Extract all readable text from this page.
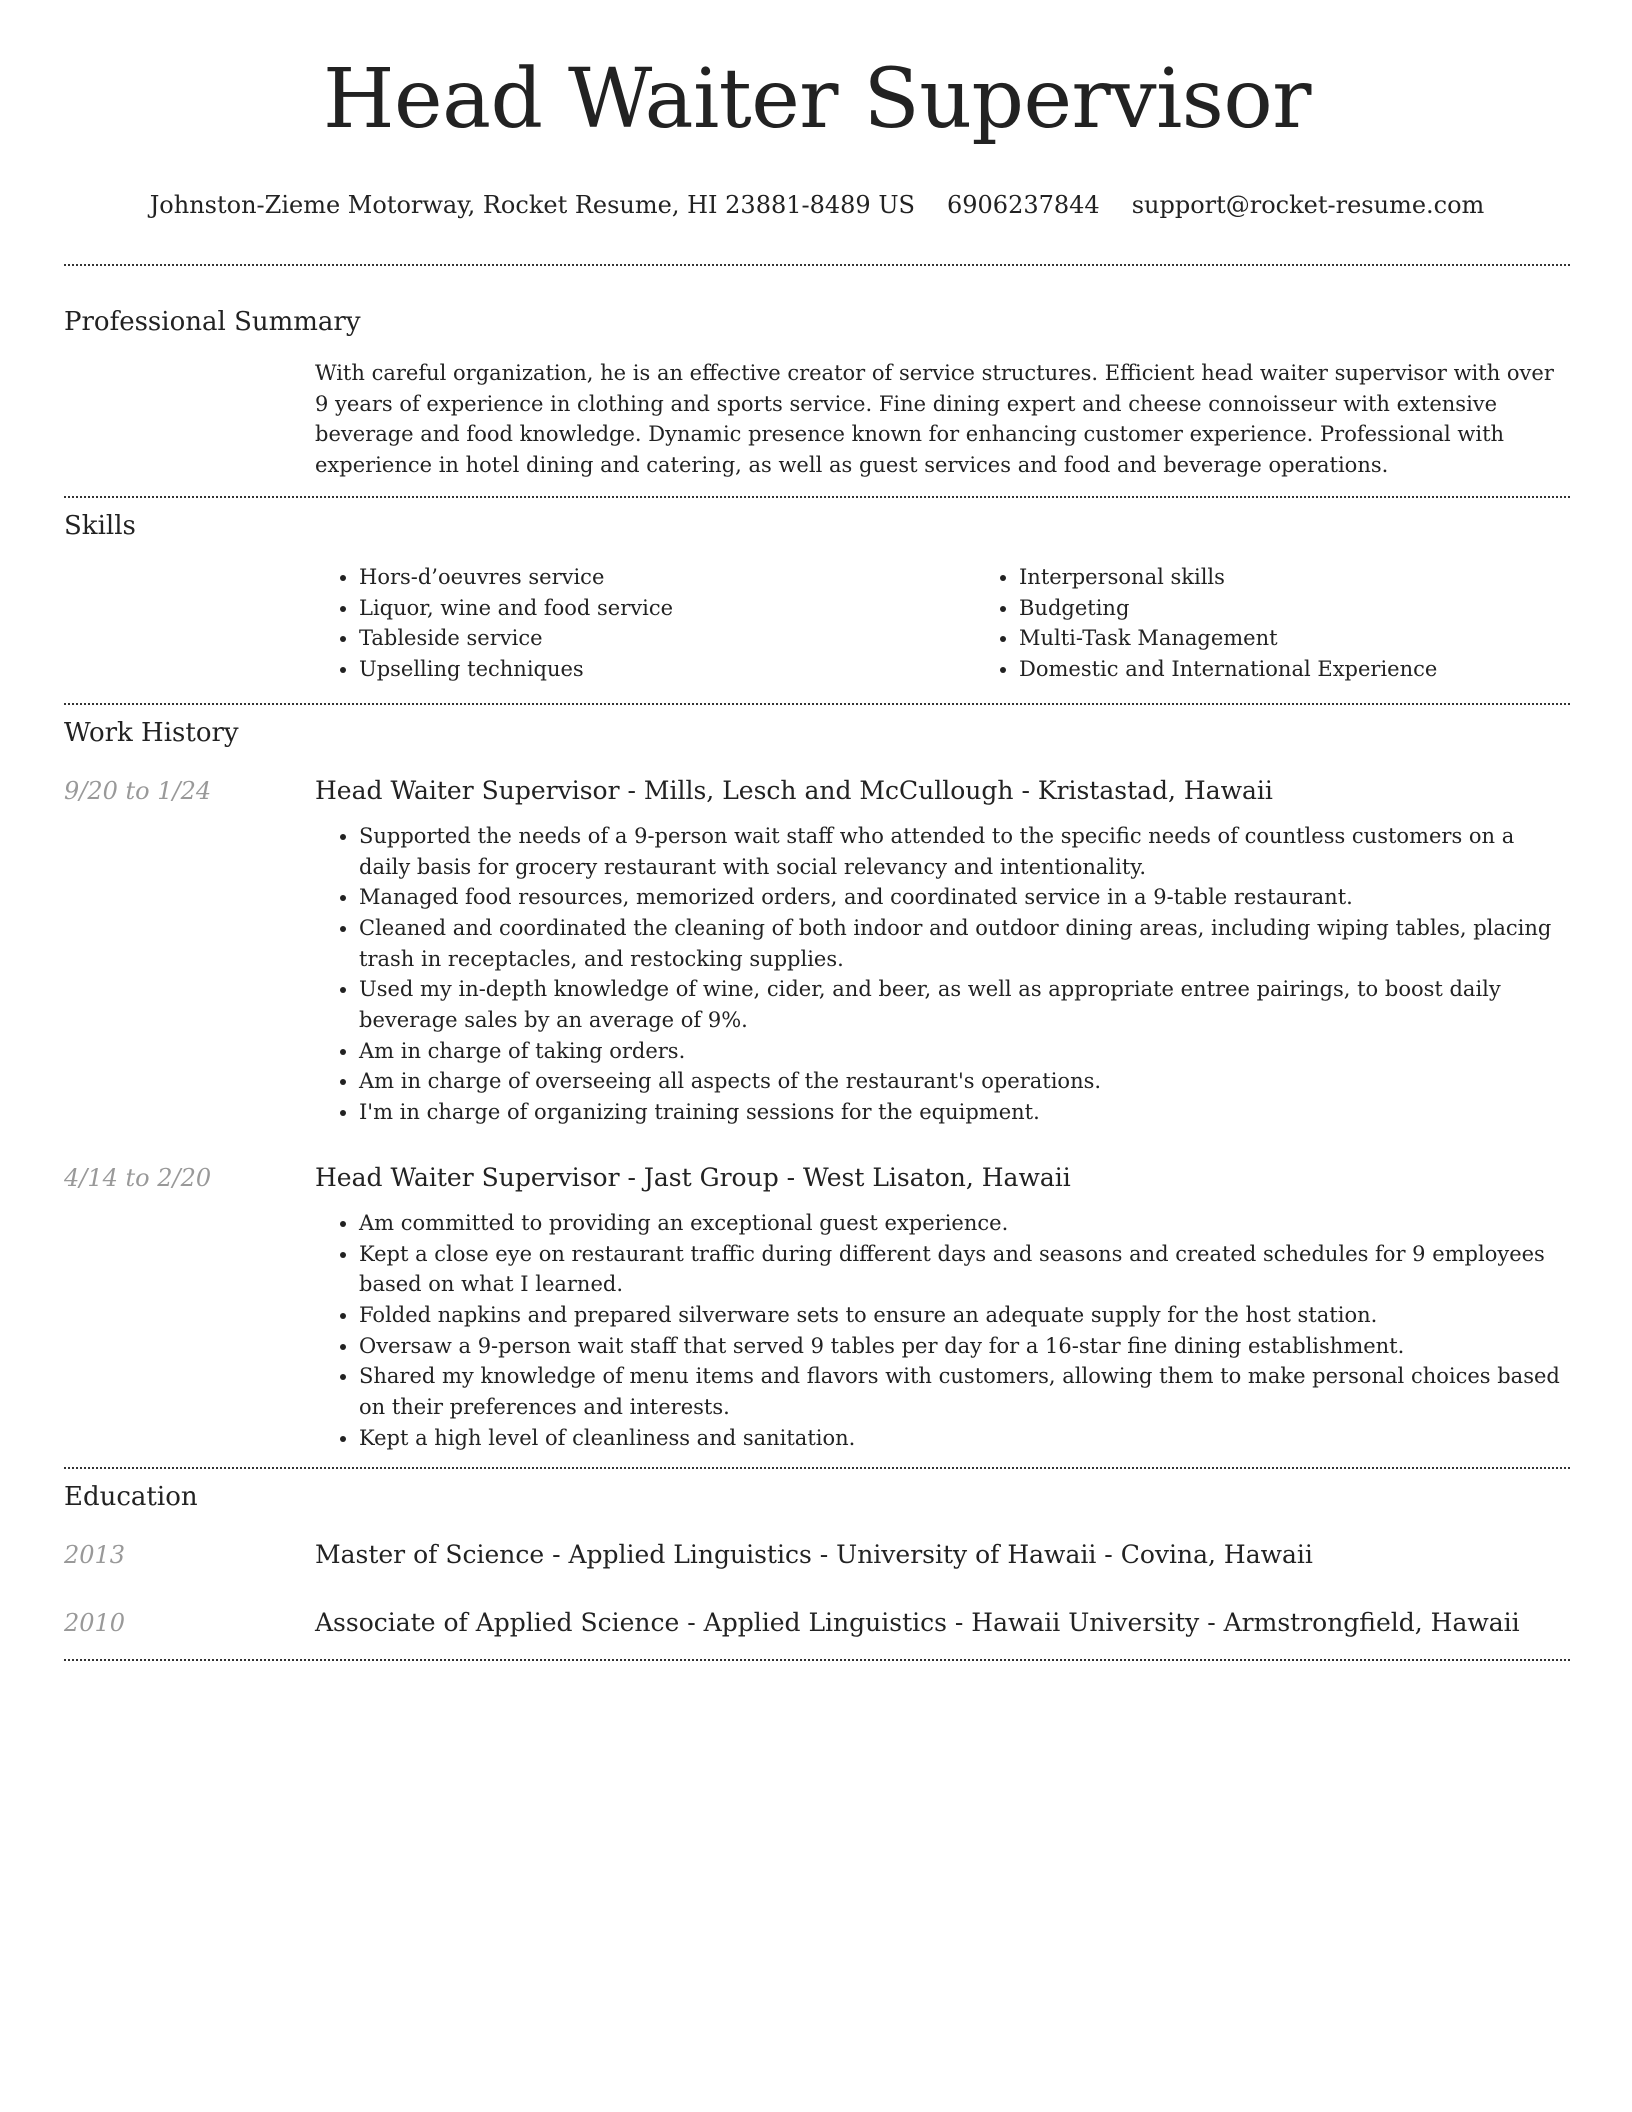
Head Waiter Supervisor
Johnston-Zieme Motorway, Rocket Resume, HI 23881-8489 US 6906237844 support@rocket-resume.com
Professional Summary
With careful organization, he is an effective creator of service structures. Efficient head waiter supervisor with over 9 years of experience in clothing and sports service. Fine dining expert and cheese connoisseur with extensive beverage and food knowledge. Dynamic presence known for enhancing customer experience. Professional with experience in hotel dining and catering, as well as guest services and food and beverage operations.
Skills
• Hors-d’oeuvres service
• Liquor, wine and food service
• Tableside service
• Upselling techniques
• Interpersonal skills
• Budgeting
• Multi-Task Management
• Domestic and International Experience
Work History
9/20 to 1/24	Head Waiter Supervisor - Mills, Lesch and McCullough - Kristastad, Hawaii
• Supported the needs of a 9-person wait staff who attended to the specific needs of countless customers on a daily basis for grocery restaurant with social relevancy and intentionality.
• Managed food resources, memorized orders, and coordinated service in a 9-table restaurant.
• Cleaned and coordinated the cleaning of both indoor and outdoor dining areas, including wiping tables, placing trash in receptacles, and restocking supplies.
• Used my in-depth knowledge of wine, cider, and beer, as well as appropriate entree pairings, to boost daily beverage sales by an average of 9%.
• Am in charge of taking orders.
• Am in charge of overseeing all aspects of the restaurant's operations.
• I'm in charge of organizing training sessions for the equipment.
4/14 to 2/20	Head Waiter Supervisor - Jast Group - West Lisaton, Hawaii
• Am committed to providing an exceptional guest experience.
• Kept a close eye on restaurant traffic during different days and seasons and created schedules for 9 employees based on what I learned.
• Folded napkins and prepared silverware sets to ensure an adequate supply for the host station.
• Oversaw a 9-person wait staff that served 9 tables per day for a 16-star fine dining establishment.
• Shared my knowledge of menu items and flavors with customers, allowing them to make personal choices based on their preferences and interests.
• Kept a high level of cleanliness and sanitation.
Education
2013	Master of Science - Applied Linguistics - University of Hawaii - Covina, Hawaii
2010	Associate of Applied Science - Applied Linguistics - Hawaii University - Armstrongfield, Hawaii
